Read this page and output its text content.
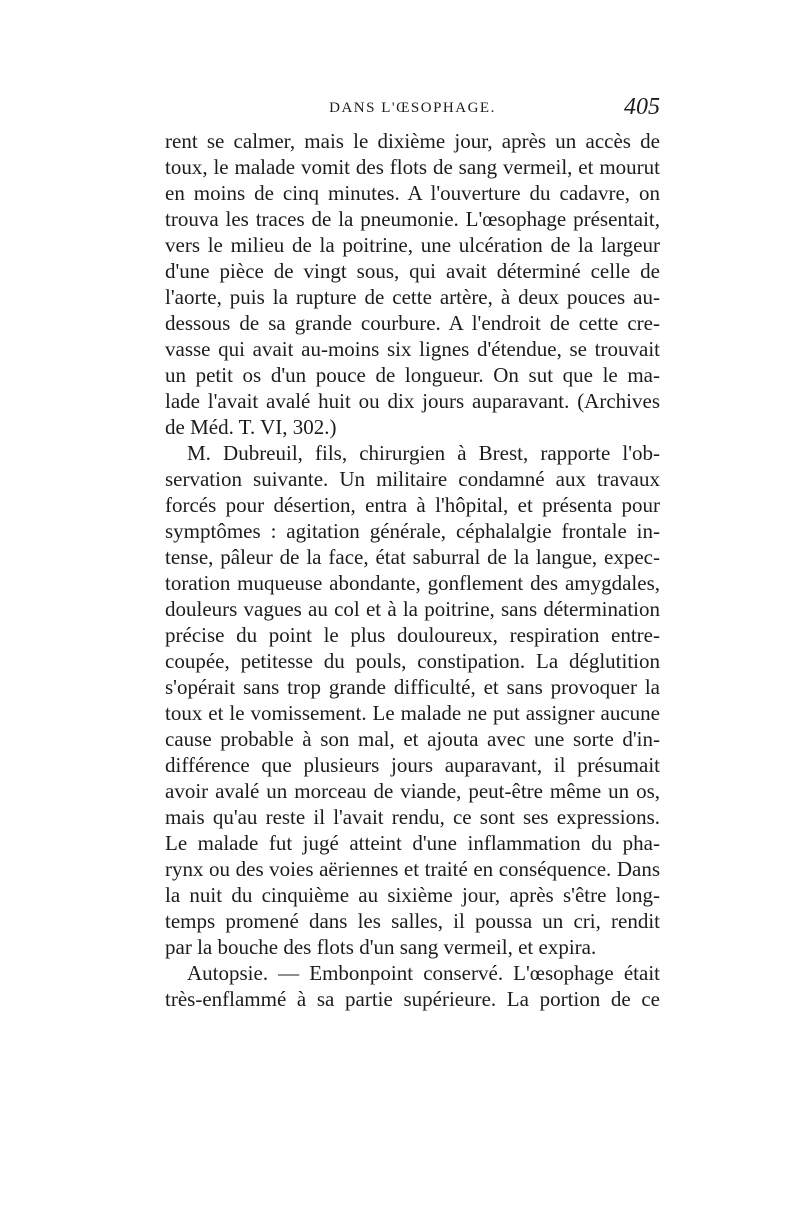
DANS L'ŒSOPHAGE.	405
rent se calmer, mais le dixième jour, après un accès de
toux, le malade vomit des flots de sang vermeil, et mourut
en moins de cinq minutes. A l'ouverture du cadavre, on
trouva les traces de la pneumonie. L'œsophage présentait,
vers le milieu de la poitrine, une ulcération de la largeur
d'une pièce de vingt sous, qui avait déterminé celle de
l'aorte, puis la rupture de cette artère, à deux pouces au-
dessous de sa grande courbure. A l'endroit de cette cre-
vasse qui avait au-moins six lignes d'étendue, se trouvait
un petit os d'un pouce de longueur. On sut que le ma-
lade l'avait avalé huit ou dix jours auparavant. (Archives
de Méd. T. VI, 302.)
M. Dubreuil, fils, chirurgien à Brest, rapporte l'ob-
servation suivante. Un militaire condamné aux travaux
forcés pour désertion, entra à l'hôpital, et présenta pour
symptômes : agitation générale, céphalalgie frontale in-
tense, pâleur de la face, état saburral de la langue, expec-
toration muqueuse abondante, gonflement des amygdales,
douleurs vagues au col et à la poitrine, sans détermination
précise du point le plus douloureux, respiration entre-
coupée, petitesse du pouls, constipation. La déglutition
s'opérait sans trop grande difficulté, et sans provoquer la
toux et le vomissement. Le malade ne put assigner aucune
cause probable à son mal, et ajouta avec une sorte d'in-
différence que plusieurs jours auparavant, il présumait
avoir avalé un morceau de viande, peut-être même un os,
mais qu'au reste il l'avait rendu, ce sont ses expressions.
Le malade fut jugé atteint d'une inflammation du pha-
rynx ou des voies aëriennes et traité en conséquence. Dans
la nuit du cinquième au sixième jour, après s'être long-
temps promené dans les salles, il poussa un cri, rendit
par la bouche des flots d'un sang vermeil, et expira.
Autopsie. — Embonpoint conservé. L'œsophage était
très-enflammé à sa partie supérieure. La portion de ce
